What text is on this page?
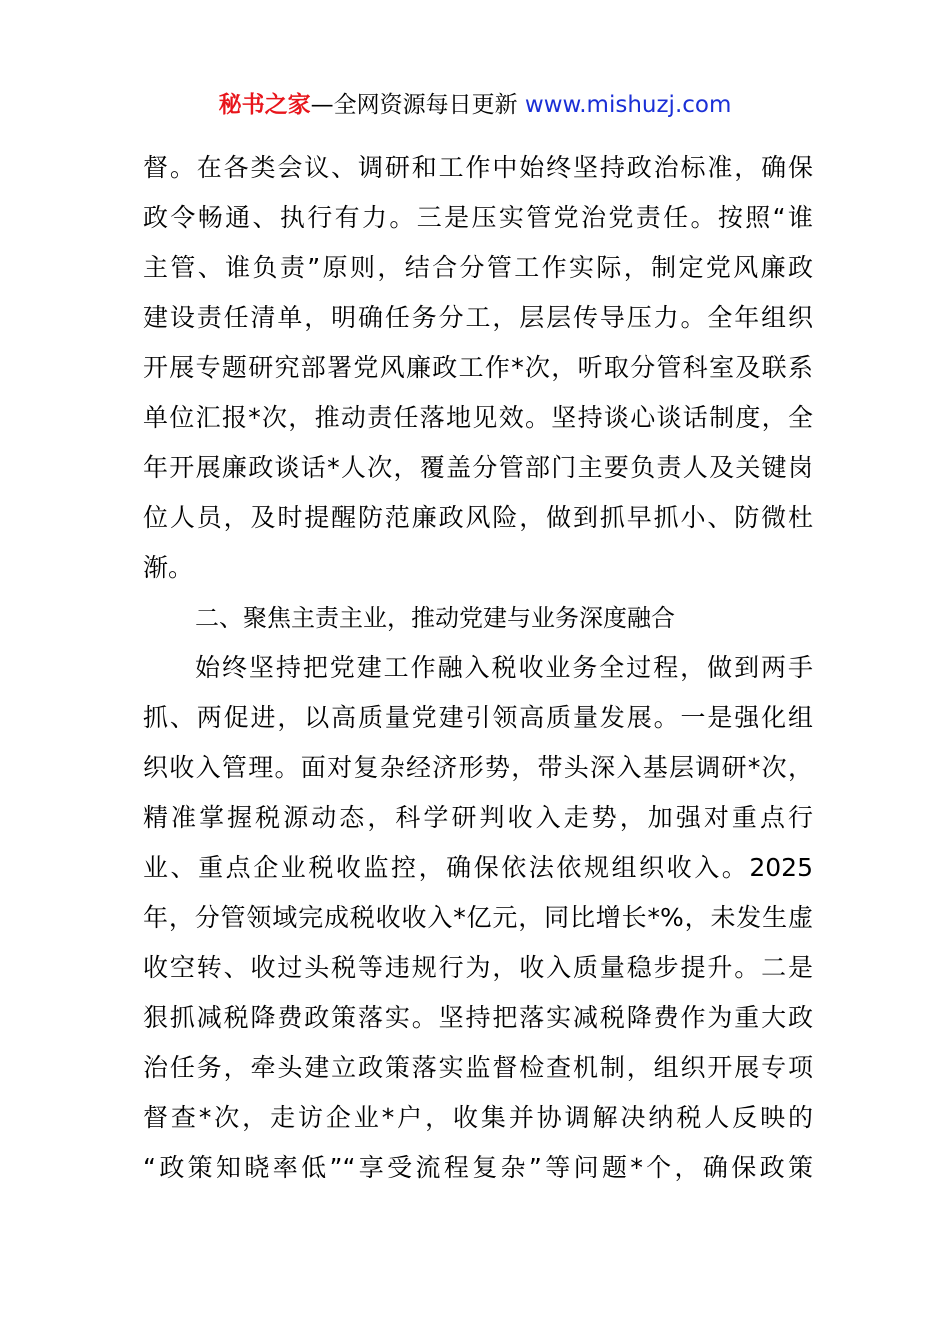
秘书之家—全网资源每日更新 www.mishuzj.com
督。在各类会议、调研和工作中始终坚持政治标准，确保
政令畅通、执行有力。三是压实管党治党责任。按照“谁
主管、谁负责”原则，结合分管工作实际，制定党风廉政
建设责任清单，明确任务分工，层层传导压力。全年组织
开展专题研究部署党风廉政工作*次，听取分管科室及联系
单位汇报*次，推动责任落地见效。坚持谈心谈话制度，全
年开展廉政谈话*人次，覆盖分管部门主要负责人及关键岗
位人员，及时提醒防范廉政风险，做到抓早抓小、防微杜
渐。
二、聚焦主责主业，推动党建与业务深度融合
始终坚持把党建工作融入税收业务全过程，做到两手
抓、两促进，以高质量党建引领高质量发展。一是强化组
织收入管理。面对复杂经济形势，带头深入基层调研*次，
精准掌握税源动态，科学研判收入走势，加强对重点行
业、重点企业税收监控，确保依法依规组织收入。2025
年，分管领域完成税收收入*亿元，同比增长*%，未发生虚
收空转、收过头税等违规行为，收入质量稳步提升。二是
狠抓减税降费政策落实。坚持把落实减税降费作为重大政
治任务，牵头建立政策落实监督检查机制，组织开展专项
督查*次，走访企业*户，收集并协调解决纳税人反映的
“政策知晓率低”“享受流程复杂”等问题*个，确保政策
